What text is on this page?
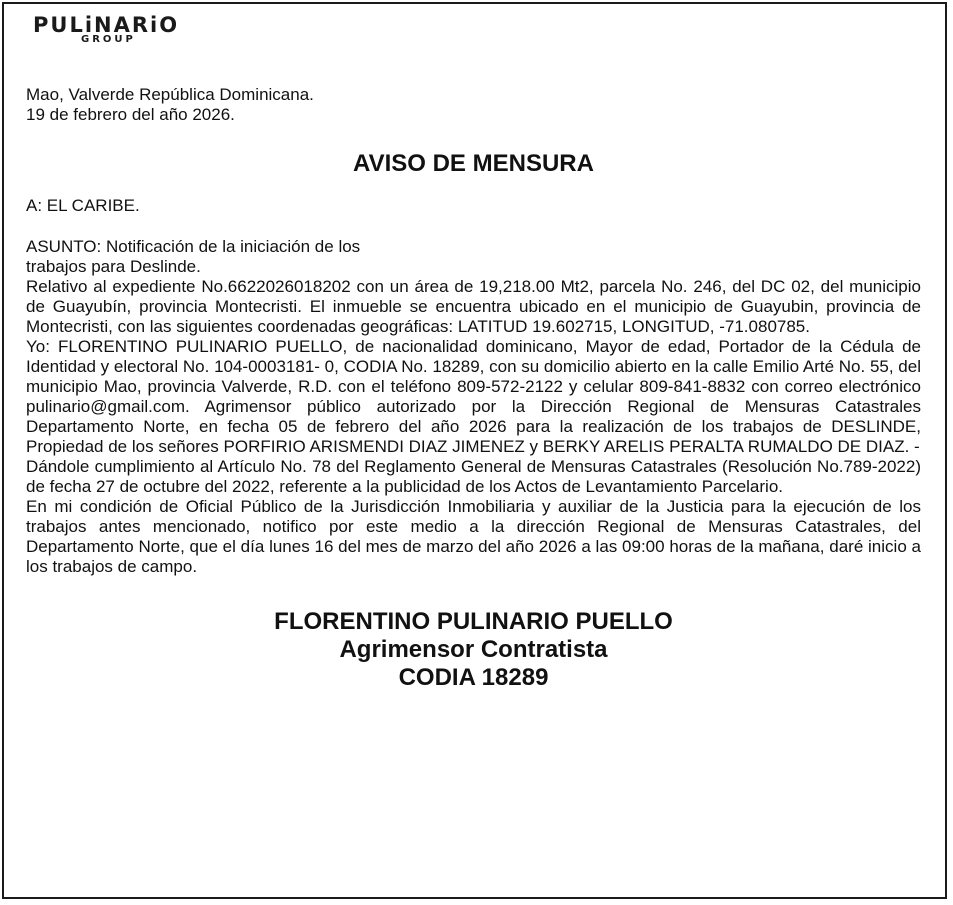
PULiNARiO
GROUP
Mao, Valverde República Dominicana.
19 de febrero del año 2026.
AVISO DE MENSURA
A: EL CARIBE.
ASUNTO: Notificación de la iniciación de los
trabajos para Deslinde.

Relativo al expediente No.6622026018202 con un área de 19,218.00 Mt2, parcela No. 246, del DC 02, del municipio de Guayubín, provincia Montecristi. El inmueble se encuentra ubicado en el municipio de Guayubin, provincia de Montecristi, con las siguientes coordenadas geográficas: LATITUD 19.602715, LONGITUD, -71.080785.

Yo: FLORENTINO PULINARIO PUELLO, de nacionalidad dominicano, Mayor de edad, Portador de la Cédula de Identidad y electoral No. 104-0003181- 0, CODIA No. 18289, con su domicilio abierto en la calle Emilio Arté No. 55, del municipio Mao, provincia Valverde, R.D. con el teléfono 809-572-2122 y celular 809-841-8832 con correo electrónico pulinario@gmail.com. Agrimensor público autorizado por la Dirección Regional de Mensuras Catastrales Departamento Norte, en fecha 05 de febrero del año 2026 para la realización de los trabajos de DESLINDE, Propiedad de los señores PORFIRIO ARISMENDI DIAZ JIMENEZ y BERKY ARELIS PERALTA RUMALDO DE DIAZ. -

Dándole cumplimiento al Artículo No. 78 del Reglamento General de Mensuras Catastrales (Resolución No.789-2022) de fecha 27 de octubre del 2022, referente a la publicidad de los Actos de Levantamiento Parcelario.

En mi condición de Oficial Público de la Jurisdicción Inmobiliaria y auxiliar de la Justicia para la ejecución de los trabajos antes mencionado, notifico por este medio a la dirección Regional de Mensuras Catastrales, del Departamento Norte, que el día lunes 16 del mes de marzo del año 2026 a las 09:00 horas de la mañana, daré inicio a los trabajos de campo.

FLORENTINO PULINARIO PUELLO
Agrimensor Contratista
CODIA 18289
